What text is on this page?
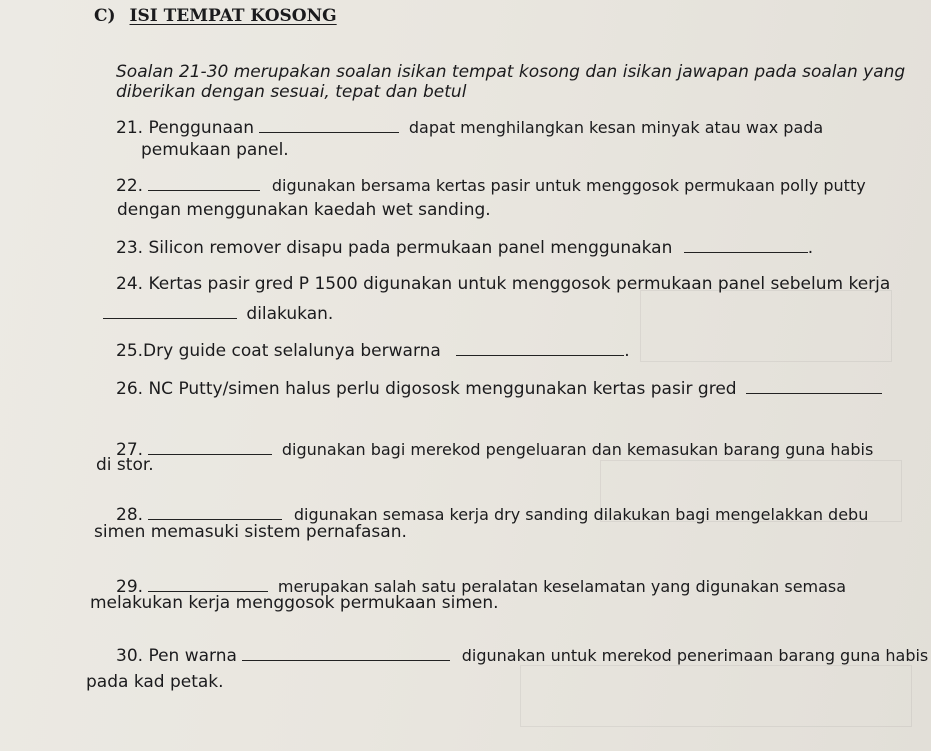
C) ISI TEMPAT KOSONG
Soalan 21-30 merupakan soalan isikan tempat kosong dan isikan jawapan pada soalan yang
diberikan dengan sesuai, tepat dan betul
21. Penggunaan	dapat menghilangkan kesan minyak atau wax pada
pemukaan panel.
22.	digunakan bersama kertas pasir untuk menggosok permukaan polly putty
dengan menggunakan kaedah wet sanding.
23. Silicon remover disapu pada permukaan panel menggunakan	.
24. Kertas pasir gred P 1500 digunakan untuk menggosok permukaan panel sebelum kerja
dilakukan.
25.Dry guide coat selalunya berwarna	.
26. NC Putty/simen halus perlu digososk menggunakan kertas pasir gred
27.	digunakan bagi merekod pengeluaran dan kemasukan barang guna habis
di stor.
28.	digunakan semasa kerja dry sanding dilakukan bagi mengelakkan debu
simen memasuki sistem pernafasan.
29.	merupakan salah satu peralatan keselamatan yang digunakan semasa
melakukan kerja menggosok permukaan simen.
30. Pen warna	digunakan untuk merekod penerimaan barang guna habis
pada kad petak.
